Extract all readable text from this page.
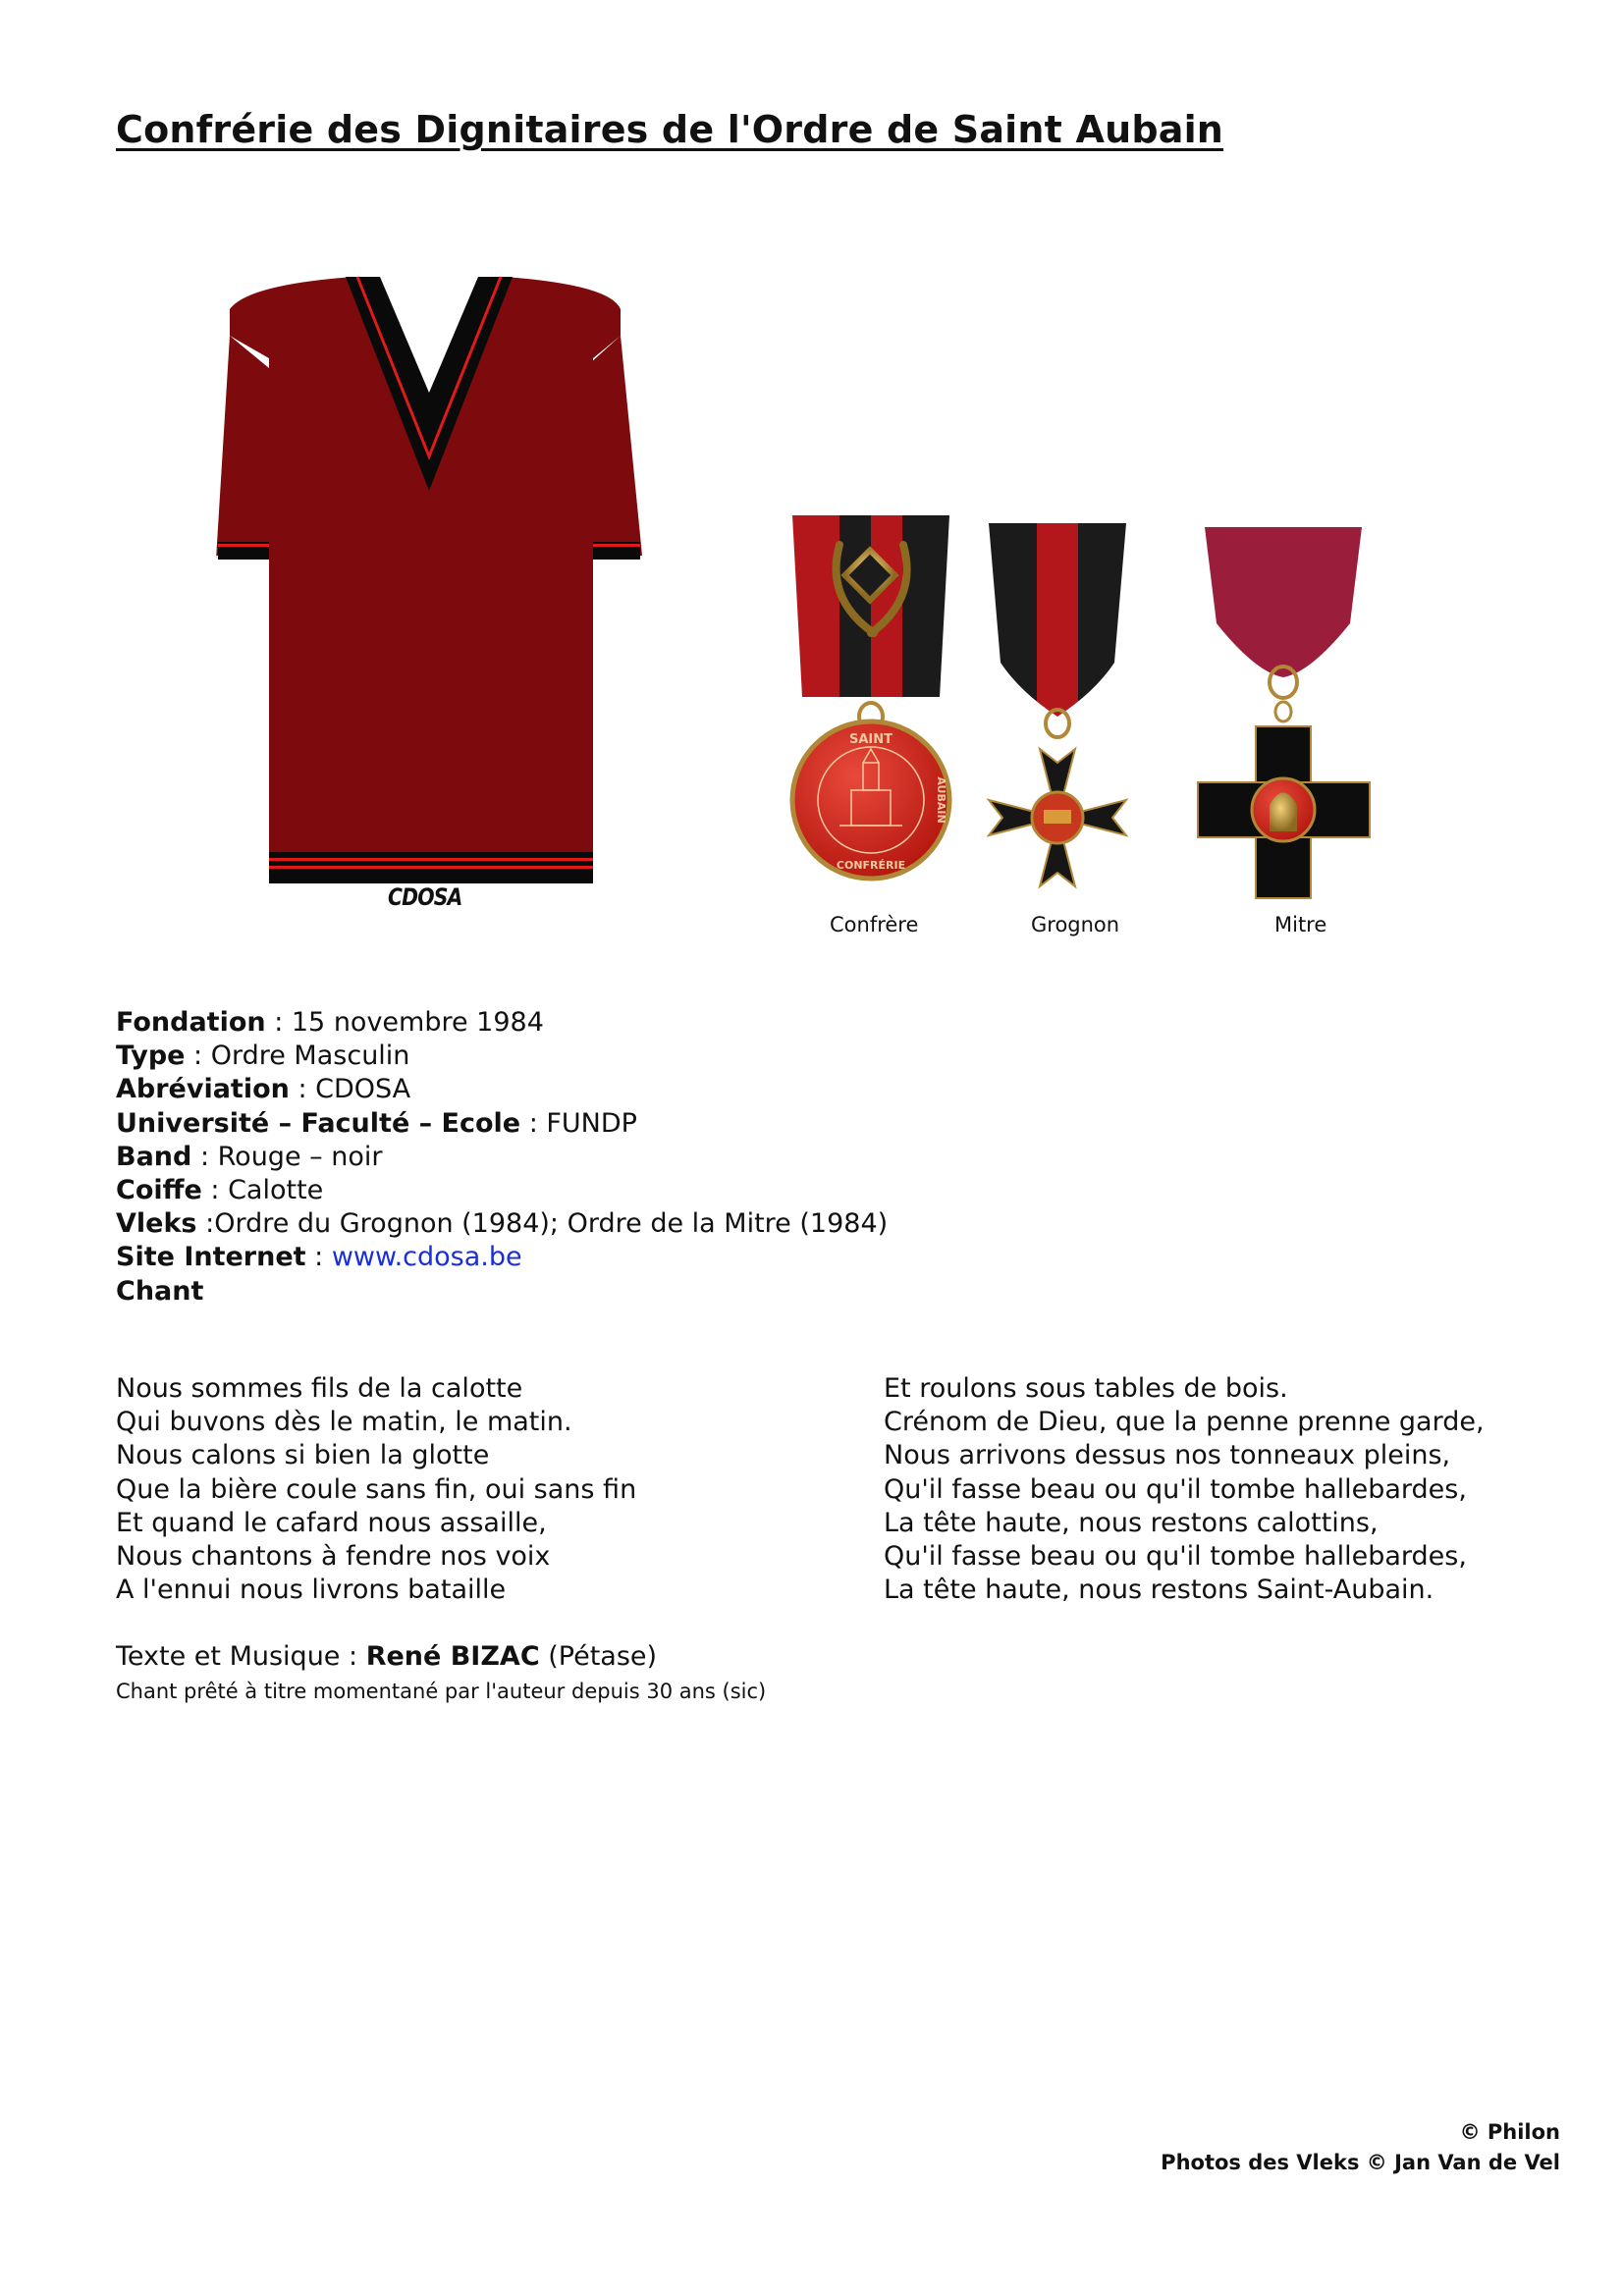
Confrérie des Dignitaires de l'Ordre de Saint Aubain
CDOSA
SAINT
CONFRÉRIE
AUBAIN
Confrère	Grognon	Mitre
Fondation : 15 novembre 1984
Type : Ordre Masculin
Abréviation : CDOSA
Université – Faculté – Ecole : FUNDP
Band : Rouge – noir
Coiffe : Calotte
Vleks :Ordre du Grognon (1984); Ordre de la Mitre (1984)
Site Internet : www.cdosa.be
Chant
Nous sommes fils de la calotte
Qui buvons dès le matin, le matin.
Nous calons si bien la glotte
Que la bière coule sans fin, oui sans fin
Et quand le cafard nous assaille,
Nous chantons à fendre nos voix
A l'ennui nous livrons bataille
Et roulons sous tables de bois.
Crénom de Dieu, que la penne prenne garde,
Nous arrivons dessus nos tonneaux pleins,
Qu'il fasse beau ou qu'il tombe hallebardes,
La tête haute, nous restons calottins,
Qu'il fasse beau ou qu'il tombe hallebardes,
La tête haute, nous restons Saint-Aubain.
Texte et Musique : René BIZAC (Pétase)
Chant prêté à titre momentané par l'auteur depuis 30 ans (sic)
© Philon
Photos des Vleks © Jan Van de Vel
